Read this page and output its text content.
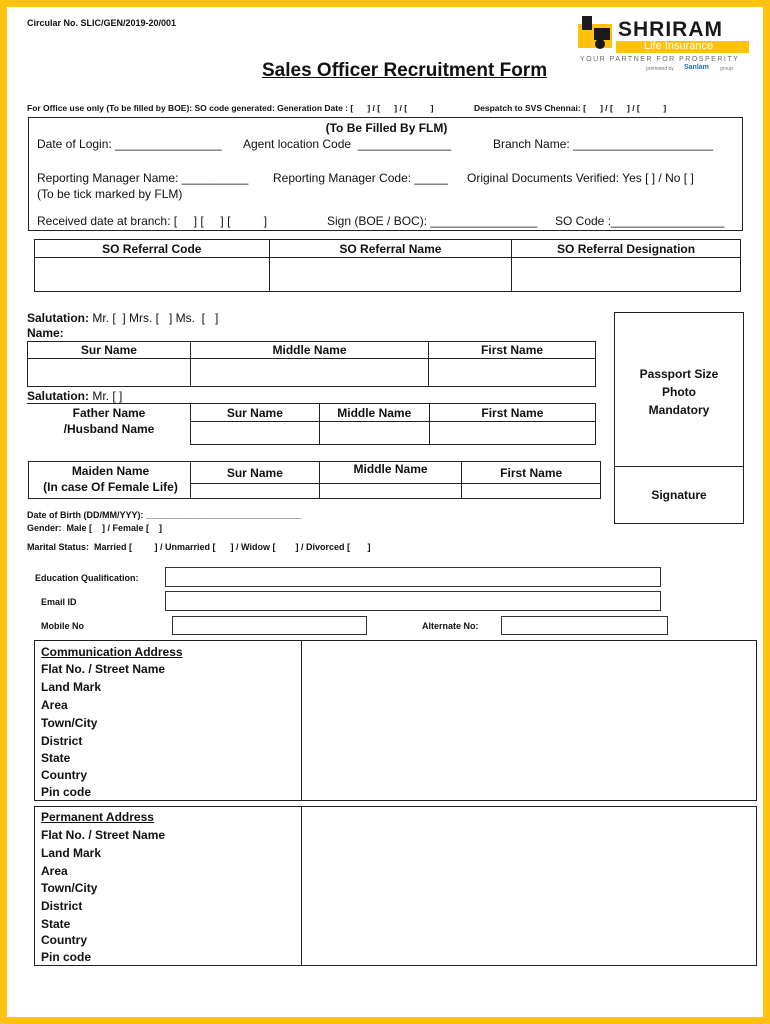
Circular No. SLIC/GEN/2019-20/001	SHRIRAM
Life Insurance
YOUR PARTNER FOR PROSPERITY
promoted by Sanlam group
Sales Officer Recruitment Form
For Office use only (To be filled by BOE): SO code generated: Generation Date : [      ] / [      ] / [          ]	Despatch to SVS Chennai: [      ] / [      ] / [          ]
(To Be Filled By FLM)
Date of Login: ________________ Agent location Code  ______________	Branch Name: _____________________
Reporting Manager Name: __________ Reporting Manager Code: _____ Original Documents Verified: Yes [ ] / No [ ]
(To be tick marked by FLM)
Received date at branch: [     ] [     ] [          ]	Sign (BOE / BOC): ________________ SO Code :_________________
SO Referral Code	SO Referral Name	SO Referral Designation

Salutation: Mr. [  ] Mrs. [   ] Ms.  [   ]
Name:
Sur Name	Middle Name	First Name

Salutation: Mr. [ ]
Father Name
/Husband Name
Sur Name	Middle Name	First Name

Maiden Name
(In case Of Female Life)
Sur Name	Middle Name	First Name

Passport Size
Photo
Mandatory
Signature
Date of Birth (DD/MM/YYY): _______________________________
Gender:  Male [    ] / Female [    ]
Marital Status:  Married [         ] / Unmarried [      ] / Widow [        ] / Divorced [       ]
Education Qualification:
Email ID
Mobile No	Alternate No:
Communication Address
Flat No. / Street Name
Land Mark
Area
Town/City
District
State
Country
Pin code
Permanent Address
Flat No. / Street Name
Land Mark
Area
Town/City
District
State
Country
Pin code
